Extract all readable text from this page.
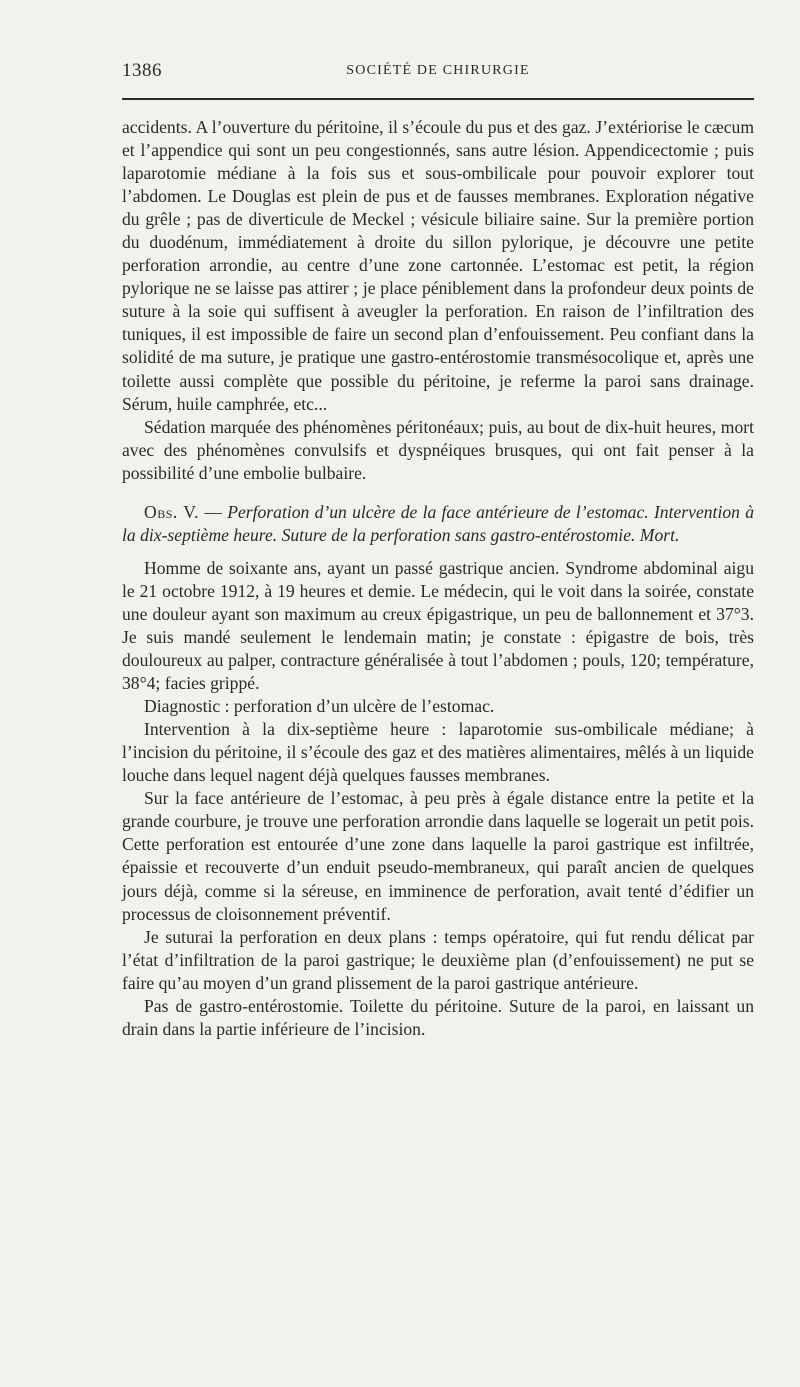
1386	SOCIÉTÉ DE CHIRURGIE

accidents. A l’ouverture du péritoine, il s’écoule du pus et des gaz. J’extériorise le cæcum et l’appendice qui sont un peu congestionnés, sans autre lésion. Appendicectomie ; puis laparotomie médiane à la fois sus et sous-ombilicale pour pouvoir explorer tout l’abdomen. Le Douglas est plein de pus et de fausses membranes. Exploration négative du grêle ; pas de diverticule de Meckel ; vésicule biliaire saine. Sur la première portion du duodénum, immédiatement à droite du sillon pylorique, je découvre une petite perforation arrondie, au centre d’une zone cartonnée. L’estomac est petit, la région pylorique ne se laisse pas attirer ; je place péniblement dans la profondeur deux points de suture à la soie qui suffisent à aveugler la perforation. En raison de l’infiltration des tuniques, il est impossible de faire un second plan d’enfouissement. Peu confiant dans la solidité de ma suture, je pratique une gastro-entérostomie transmésocolique et, après une toilette aussi complète que possible du péritoine, je referme la paroi sans drainage. Sérum, huile camphrée, etc...

Sédation marquée des phénomènes péritonéaux; puis, au bout de dix-huit heures, mort avec des phénomènes convulsifs et dyspnéiques brusques, qui ont fait penser à la possibilité d’une embolie bulbaire.

Obs. V. — Perforation d’un ulcère de la face antérieure de l’estomac. Intervention à la dix-septième heure. Suture de la perforation sans gastro-entérostomie. Mort.

Homme de soixante ans, ayant un passé gastrique ancien. Syndrome abdominal aigu le 21 octobre 1912, à 19 heures et demie. Le médecin, qui le voit dans la soirée, constate une douleur ayant son maximum au creux épigastrique, un peu de ballonnement et 37°3. Je suis mandé seulement le lendemain matin; je constate : épigastre de bois, très douloureux au palper, contracture généralisée à tout l’abdomen ; pouls, 120; température, 38°4; facies grippé.

Diagnostic : perforation d’un ulcère de l’estomac.

Intervention à la dix-septième heure : laparotomie sus-ombilicale médiane; à l’incision du péritoine, il s’écoule des gaz et des matières alimentaires, mêlés à un liquide louche dans lequel nagent déjà quelques fausses membranes.

Sur la face antérieure de l’estomac, à peu près à égale distance entre la petite et la grande courbure, je trouve une perforation arrondie dans laquelle se logerait un petit pois. Cette perforation est entourée d’une zone dans laquelle la paroi gastrique est infiltrée, épaissie et recouverte d’un enduit pseudo-membraneux, qui paraît ancien de quelques jours déjà, comme si la séreuse, en imminence de perforation, avait tenté d’édifier un processus de cloisonnement préventif.

Je suturai la perforation en deux plans : temps opératoire, qui fut rendu délicat par l’état d’infiltration de la paroi gastrique; le deuxième plan (d’enfouissement) ne put se faire qu’au moyen d’un grand plissement de la paroi gastrique antérieure.

Pas de gastro-entérostomie. Toilette du péritoine. Suture de la paroi, en laissant un drain dans la partie inférieure de l’incision.
